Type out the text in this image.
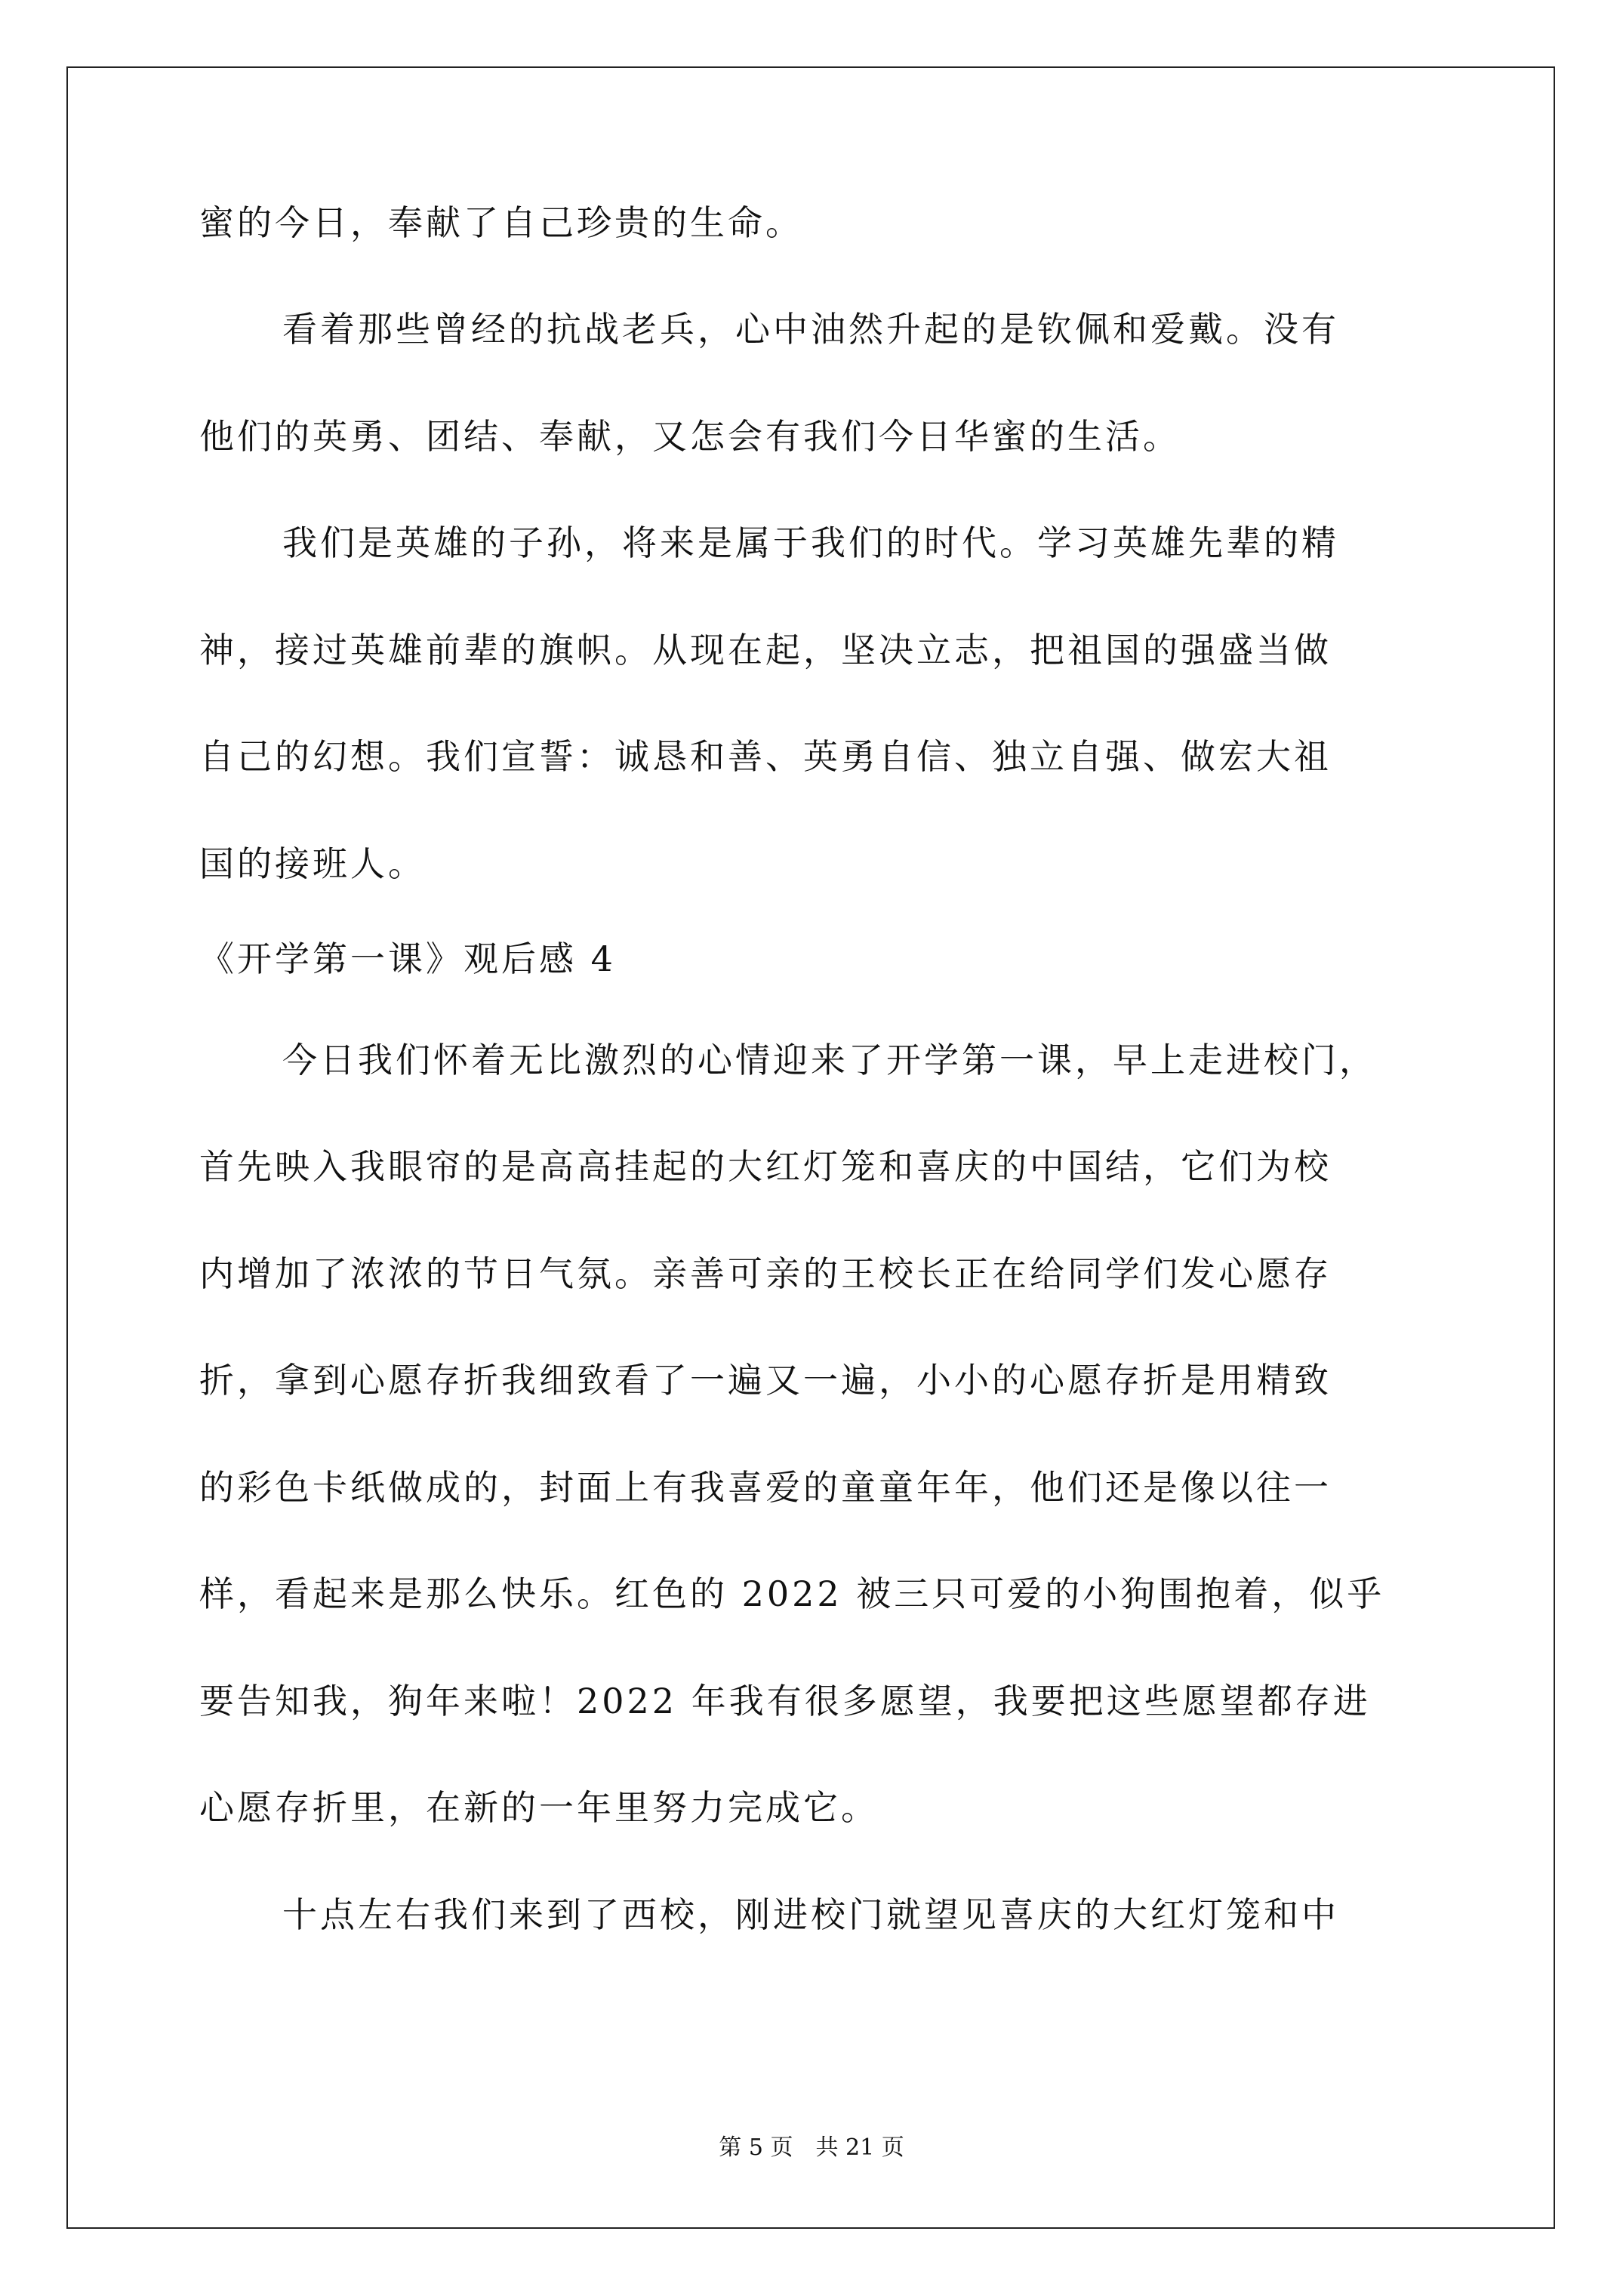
蜜的今日，奉献了自己珍贵的生命。
看着那些曾经的抗战老兵，心中油然升起的是钦佩和爱戴。没有
他们的英勇、团结、奉献，又怎会有我们今日华蜜的生活。
我们是英雄的子孙，将来是属于我们的时代。学习英雄先辈的精
神，接过英雄前辈的旗帜。从现在起，坚决立志，把祖国的强盛当做
自己的幻想。我们宣誓：诚恳和善、英勇自信、独立自强、做宏大祖
国的接班人。
《开学第一课》观后感 4
今日我们怀着无比激烈的心情迎来了开学第一课，早上走进校门，
首先映入我眼帘的是高高挂起的大红灯笼和喜庆的中国结，它们为校
内增加了浓浓的节日气氛。亲善可亲的王校长正在给同学们发心愿存
折，拿到心愿存折我细致看了一遍又一遍，小小的心愿存折是用精致
的彩色卡纸做成的，封面上有我喜爱的童童年年，他们还是像以往一
样，看起来是那么快乐。红色的 2022 被三只可爱的小狗围抱着，似乎
要告知我，狗年来啦！2022 年我有很多愿望，我要把这些愿望都存进
心愿存折里，在新的一年里努力完成它。
十点左右我们来到了西校，刚进校门就望见喜庆的大红灯笼和中
第 5 页　共 21 页
